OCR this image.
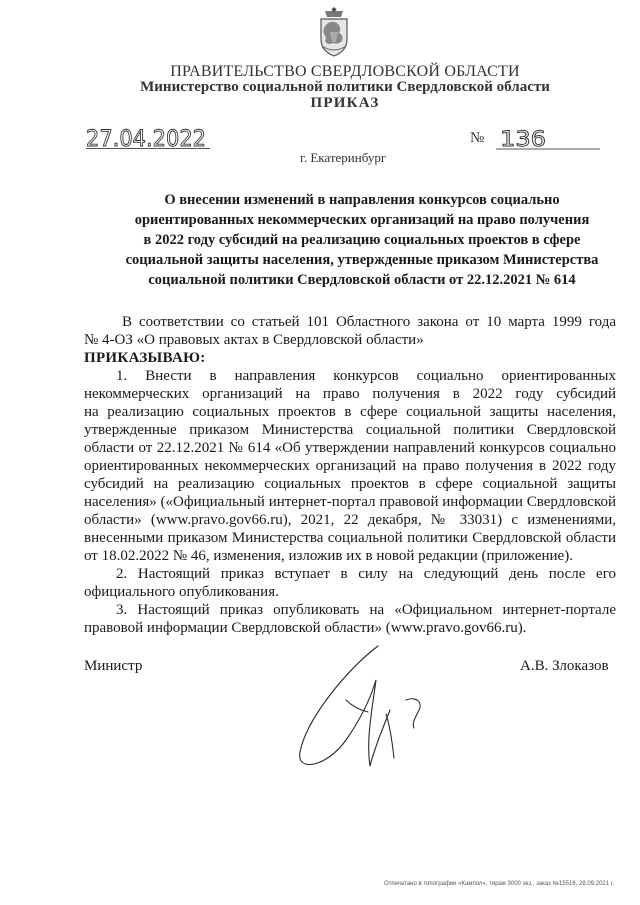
ПРАВИТЕЛЬСТВО СВЕРДЛОВСКОЙ ОБЛАСТИ
Министерство социальной политики Свердловской области
ПРИКАЗ
27.04.2022	№ 136
г. Екатеринбург
О внесении изменений в направления конкурсов социально
ориентированных некоммерческих организаций на право получения
в 2022 году субсидий на реализацию социальных проектов в сфере
социальной защиты населения, утвержденные приказом Министерства
социальной политики Свердловской области от 22.12.2021 № 614
В соответствии со статьей 101 Областного закона от 10 марта 1999 года
№ 4-ОЗ «О правовых актах в Свердловской области»
ПРИКАЗЫВАЮ:
1. Внести в направления конкурсов социально ориентированных
некоммерческих организаций на право получения в 2022 году субсидий
на реализацию социальных проектов в сфере социальной защиты населения,
утвержденные приказом Министерства социальной политики Свердловской
области от 22.12.2021 № 614 «Об утверждении направлений конкурсов социально
ориентированных некоммерческих организаций на право получения в 2022 году
субсидий на реализацию социальных проектов в сфере социальной защиты
населения» («Официальный интернет-портал правовой информации Свердловской
области» (www.pravo.gov66.ru), 2021, 22 декабря, № 33031) с изменениями,
внесенными приказом Министерства социальной политики Свердловской области
от 18.02.2022 № 46, изменения, изложив их в новой редакции (приложение).
2. Настоящий приказ вступает в силу на следующий день после его
официального опубликования.
3. Настоящий приказ опубликовать на «Официальном интернет-портале
правовой информации Свердловской области» (www.pravo.gov66.ru).
Министр	А.В. Злоказов
Отпечатано в типографии «Кампол», тираж 3000 экз., заказ №15516, 28.09.2021 г.
